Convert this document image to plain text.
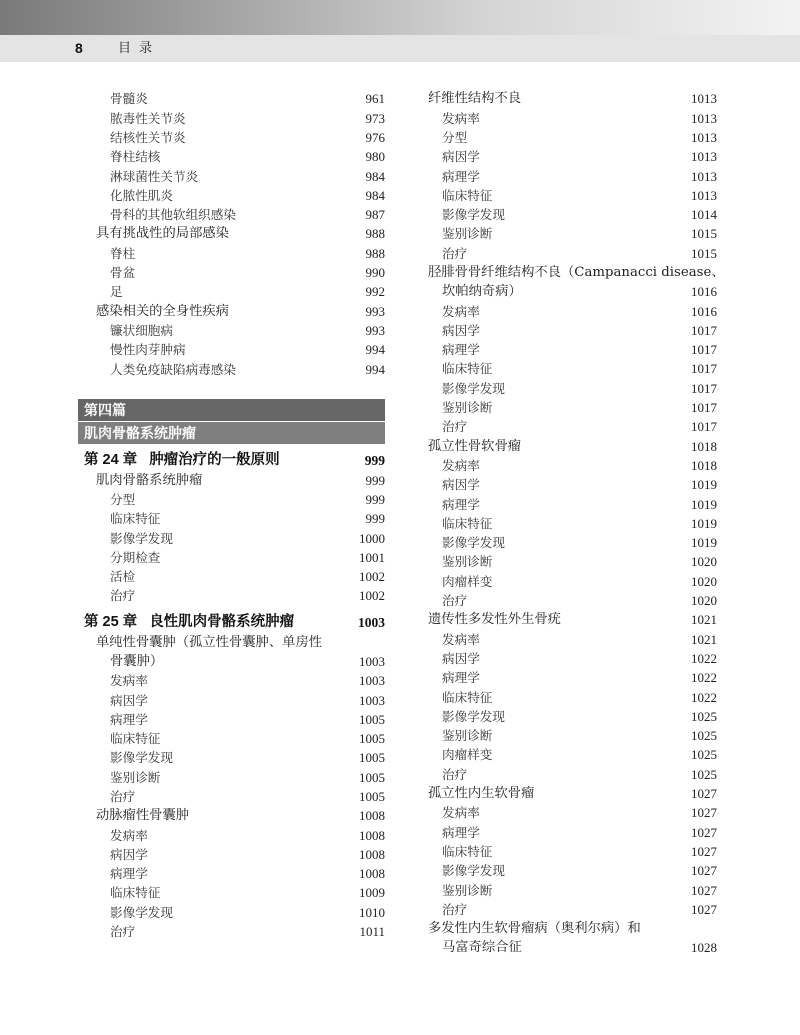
8	目 录
骨髓炎	961
脓毒性关节炎	973
结核性关节炎	976
脊柱结核	980
淋球菌性关节炎	984
化脓性肌炎	984
骨科的其他软组织感染	987
具有挑战性的局部感染	988
脊柱	988
骨盆	990
足	992
感染相关的全身性疾病	993
镰状细胞病	993
慢性肉芽肿病	994
人类免疫缺陷病毒感染	994
第四篇
肌肉骨骼系统肿瘤
第 24 章 肿瘤治疗的一般原则	999
肌肉骨骼系统肿瘤	999
分型	999
临床特征	999
影像学发现	1000
分期检查	1001
活检	1002
治疗	1002
第 25 章 良性肌肉骨骼系统肿瘤	1003
单纯性骨囊肿（孤立性骨囊肿、单房性
骨囊肿）	1003
发病率	1003
病因学	1003
病理学	1005
临床特征	1005
影像学发现	1005
鉴别诊断	1005
治疗	1005
动脉瘤性骨囊肿	1008
发病率	1008
病因学	1008
病理学	1008
临床特征	1009
影像学发现	1010
治疗	1011
纤维性结构不良	1013
发病率	1013
分型	1013
病因学	1013
病理学	1013
临床特征	1013
影像学发现	1014
鉴别诊断	1015
治疗	1015
胫腓骨骨纤维结构不良（Campanacci disease、
坎帕纳奇病）	1016
发病率	1016
病因学	1017
病理学	1017
临床特征	1017
影像学发现	1017
鉴别诊断	1017
治疗	1017
孤立性骨软骨瘤	1018
发病率	1018
病因学	1019
病理学	1019
临床特征	1019
影像学发现	1019
鉴别诊断	1020
肉瘤样变	1020
治疗	1020
遗传性多发性外生骨疣	1021
发病率	1021
病因学	1022
病理学	1022
临床特征	1022
影像学发现	1025
鉴别诊断	1025
肉瘤样变	1025
治疗	1025
孤立性内生软骨瘤	1027
发病率	1027
病理学	1027
临床特征	1027
影像学发现	1027
鉴别诊断	1027
治疗	1027
多发性内生软骨瘤病（奥利尔病）和
马富奇综合征	1028
